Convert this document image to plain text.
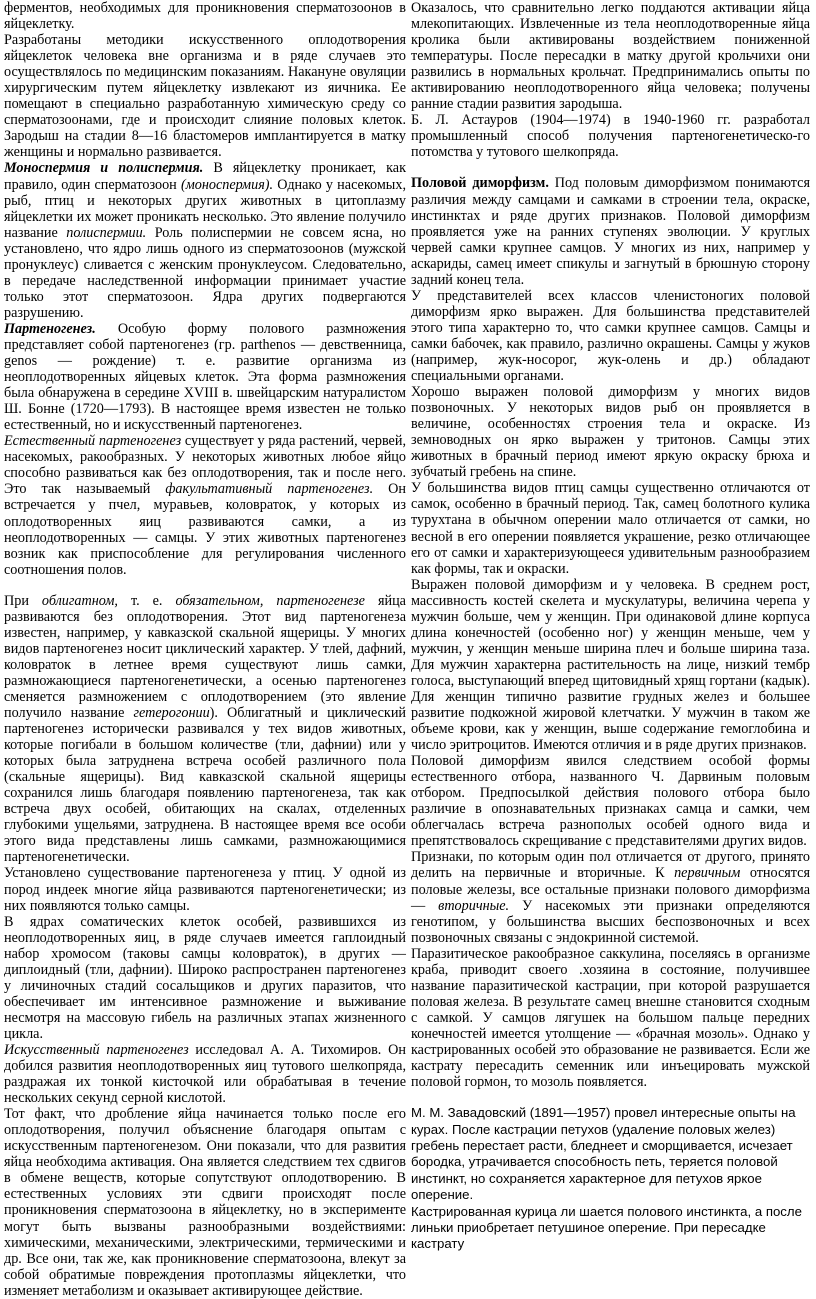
ферментов, необходимых для проникновения сперматозоонов в яйцеклетку.

Разработаны методики искусственного оплодотворения яйцеклеток человека вне организма и в ряде случаев это осуществлялось по медицинским показаниям. Накануне овуляции хирургическим путем яйцеклетку извлекают из яичника. Ее помещают в специально разработанную химическую среду со сперматозоонами, где и происходит слияние половых клеток. Зародыш на стадии 8—16 бластомеров имплантируется в матку женщины и нормально развивается.

Моноспермия и полиспермия. В яйцеклетку проникает, как правило, один сперматозоон (моноспермия). Однако у насекомых, рыб, птиц и некоторых других животных в цитоплазму яйцеклетки их может проникать несколько. Это явление получило название полиспермии. Роль полиспермии не совсем ясна, но установлено, что ядро лишь одного из сперматозоонов (мужской пронуклеус) сливается с женским пронуклеусом. Следовательно, в передаче наследственной информации принимает участие только этот сперматозоон. Ядра других подвергаются разрушению.

Партеногенез. Особую форму полового размножения представляет собой партеногенез (гр. parthenos — девственница, genos — рождение) т. е. развитие организма из неоплодотворенных яйцевых клеток. Эта форма размножения была обнаружена в середине XVIII в. швейцарским натуралистом Ш. Бонне (1720—1793). В настоящее время известен не только естественный, но и искусственный партеногенез.

Естественный партеногенез существует у ряда растений, червей, насекомых, ракообразных. У некоторых животных любое яйцо способно развиваться как без оплодотворения, так и после него. Это так называемый факультативный партеногенез. Он встречается у пчел, муравьев, коловраток, у которых из оплодотворенных яиц развиваются самки, а из неоплодотворенных — самцы. У этих животных партеногенез возник как приспособление для регулирования численного соотношения полов.

При облигатном, т. е. обязательном, партеногенезе яйца развиваются без оплодотворения. Этот вид партеногенеза известен, например, у кавказской скальной ящерицы. У многих видов партеногенез носит циклический характер. У тлей, дафний, коловраток в летнее время существуют лишь самки, размножающиеся партеногенетически, а осенью партеногенез сменяется размножением с оплодотворением (это явление получило название гетерогонии). Облигатный и циклический партеногенез исторически развивался у тех видов животных, которые погибали в большом количестве (тли, дафнии) или у которых была затруднена встреча особей различного пола (скальные ящерицы). Вид кавказской скальной ящерицы сохранился лишь благодаря появлению партеногенеза, так как встреча двух особей, обитающих на скалах, отделенных глубокими ущельями, затруднена. В настоящее время все особи этого вида представлены лишь самками, размножающимися партеногенетически.

Установлено существование партеногенеза у птиц. У одной из пород индеек многие яйца развиваются партеногенетически; из них появляются только самцы.

В ядрах соматических клеток особей, развившихся из неоплодотворенных яиц, в ряде случаев имеется гаплоидный набор хромосом (таковы самцы коловраток), в других — диплоидный (тли, дафнии). Широко распространен партеногенез у личиночных стадий сосальщиков и других паразитов, что обеспечивает им интенсивное размножение и выживание несмотря на массовую гибель на различных этапах жизненного цикла.

Искусственный партеногенез исследовал А. А. Тихомиров. Он добился развития неоплодотворенных яиц тутового шелкопряда, раздражая их тонкой кисточкой или обрабатывая в течение нескольких секунд серной кислотой.

Тот факт, что дробление яйца начинается только после его оплодотворения, получил объяснение благодаря опытам с искусственным партеногенезом. Они показали, что для развития яйца необходима активация. Она является следствием тех сдвигов в обмене веществ, которые сопутствуют оплодотворению. В естественных условиях эти сдвиги происходят после проникновения сперматозоона в яйцеклетку, но в эксперименте могут быть вызваны разнообразными воздействиями: химическими, механическими, электрическими, термическими и др. Все они, так же, как проникновение сперматозоона, влекут за собой обратимые повреждения протоплазмы яйцеклетки, что изменяет метаболизм и оказывает активирующее действие.

Оказалось, что сравнительно легко поддаются активации яйца млекопитающих. Извлеченные из тела неоплодотворенные яйца кролика были активированы воздействием пониженной температуры. После пересадки в матку другой крольчихи они развились в нормальных крольчат. Предпринимались опыты по активированию неоплодотворенного яйца человека; получены ранние стадии развития зародыша.

Б. Л. Астауров (1904—1974) в 1940-1960 гг. разработал промышленный способ получения партеногенетическо-го потомства у тутового шелкопряда.

Половой диморфизм. Под половым диморфизмом понимаются различия между самцами и самками в строении тела, окраске, инстинктах и ряде других признаков. Половой диморфизм проявляется уже на ранних ступенях эволюции. У круглых червей самки крупнее самцов. У многих из них, например у аскариды, самец имеет спикулы и загнутый в брюшную сторону задний конец тела.

У представителей всех классов членистоногих половой диморфизм ярко выражен. Для большинства представителей этого типа характерно то, что самки крупнее самцов. Самцы и самки бабочек, как правило, различно окрашены. Самцы у жуков (например, жук-носорог, жук-олень и др.) обладают специальными органами.

Хорошо выражен половой диморфизм у многих видов позвоночных. У некоторых видов рыб он проявляется в величине, особенностях строения тела и окраске. Из земноводных он ярко выражен у тритонов. Самцы этих животных в брачный период имеют яркую окраску брюха и зубчатый гребень на спине.

У большинства видов птиц самцы существенно отличаются от самок, особенно в брачный период. Так, самец болотного кулика турухтана в обычном оперении мало отличается от самки, но весной в его оперении появляется украшение, резко отличающее его от самки и характеризующееся удивительным разнообразием как формы, так и окраски.

Выражен половой диморфизм и у человека. В среднем рост, массивность костей скелета и мускулатуры, величина черепа у мужчин больше, чем у женщин. При одинаковой длине корпуса длина конечностей (особенно ног) у женщин меньше, чем у мужчин, у женщин меньше ширина плеч и больше ширина таза. Для мужчин характерна растительность на лице, низкий тембр голоса, выступающий вперед щитовидный хрящ гортани (кадык). Для женщин типично развитие грудных желез и большее развитие подкожной жировой клетчатки. У мужчин в таком же объеме крови, как у женщин, выше содержание гемоглобина и число эритроцитов. Имеются отличия и в ряде других признаков.

Половой диморфизм явился следствием особой формы естественного отбора, названного Ч. Дарвиным половым отбором. Предпосылкой действия полового отбора было различие в опознавательных признаках самца и самки, чем облегчалась встреча разнополых особей одного вида и препятствовалось скрещивание с представителями других видов.

Признаки, по которым один пол отличается от другого, принято делить на первичные и вторичные. К первичным относятся половые железы, все остальные признаки полового диморфизма — вторичные. У насекомых эти признаки определяются генотипом, у большинства высших беспозвоночных и всех позвоночных связаны с эндокринной системой.

Паразитическое ракообразное саккулина, поселяясь в организме краба, приводит своего .хозяина в состояние, получившее название паразитической кастрации, при которой разрушается половая железа. В результате самец внешне становится сходным с самкой. У самцов лягушек на большом пальце передних конечностей имеется утолщение — «брачная мозоль». Однако у кастрированных особей это образование не развивается. Если же кастрату пересадить семенник или инъецировать мужской половой гормон, то мозоль появляется.

М. М. Завадовский (1891—1957) провел интересные опыты на курах. После кастрации петухов (удаление половых желез) гребень перестает расти, бледнеет и сморщивается, исчезает бородка, утрачивается способность петь, теряется половой инстинкт, но сохраняется характерное для петухов яркое оперение.

Кастрированная курица ли шается полового инстинкта, а после линьки приобретает петушиное оперение. При пересадке кастрату
